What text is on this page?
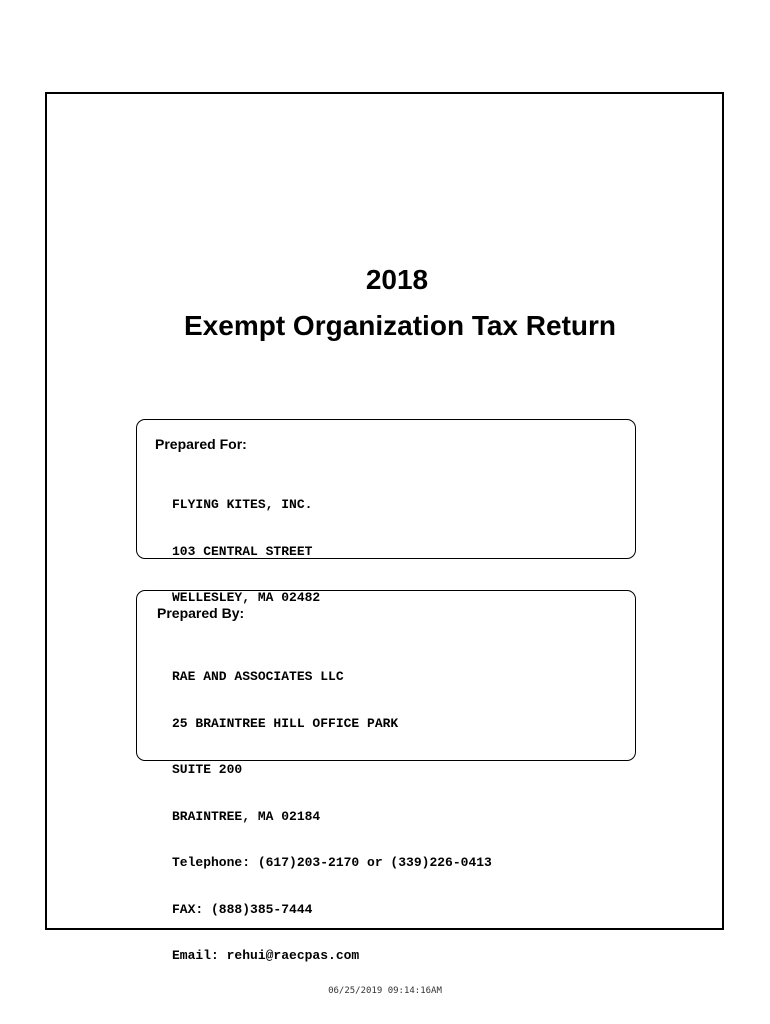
2018
Exempt Organization Tax Return
Prepared For:

FLYING KITES, INC.

103 CENTRAL STREET

WELLESLEY, MA 02482

Prepared By:

RAE AND ASSOCIATES LLC

25 BRAINTREE HILL OFFICE PARK

SUITE 200

BRAINTREE, MA 02184

Telephone: (617)203-2170 or (339)226-0413

FAX: (888)385-7444

Email: rehui@raecpas.com

06/25/2019 09:14:16AM
